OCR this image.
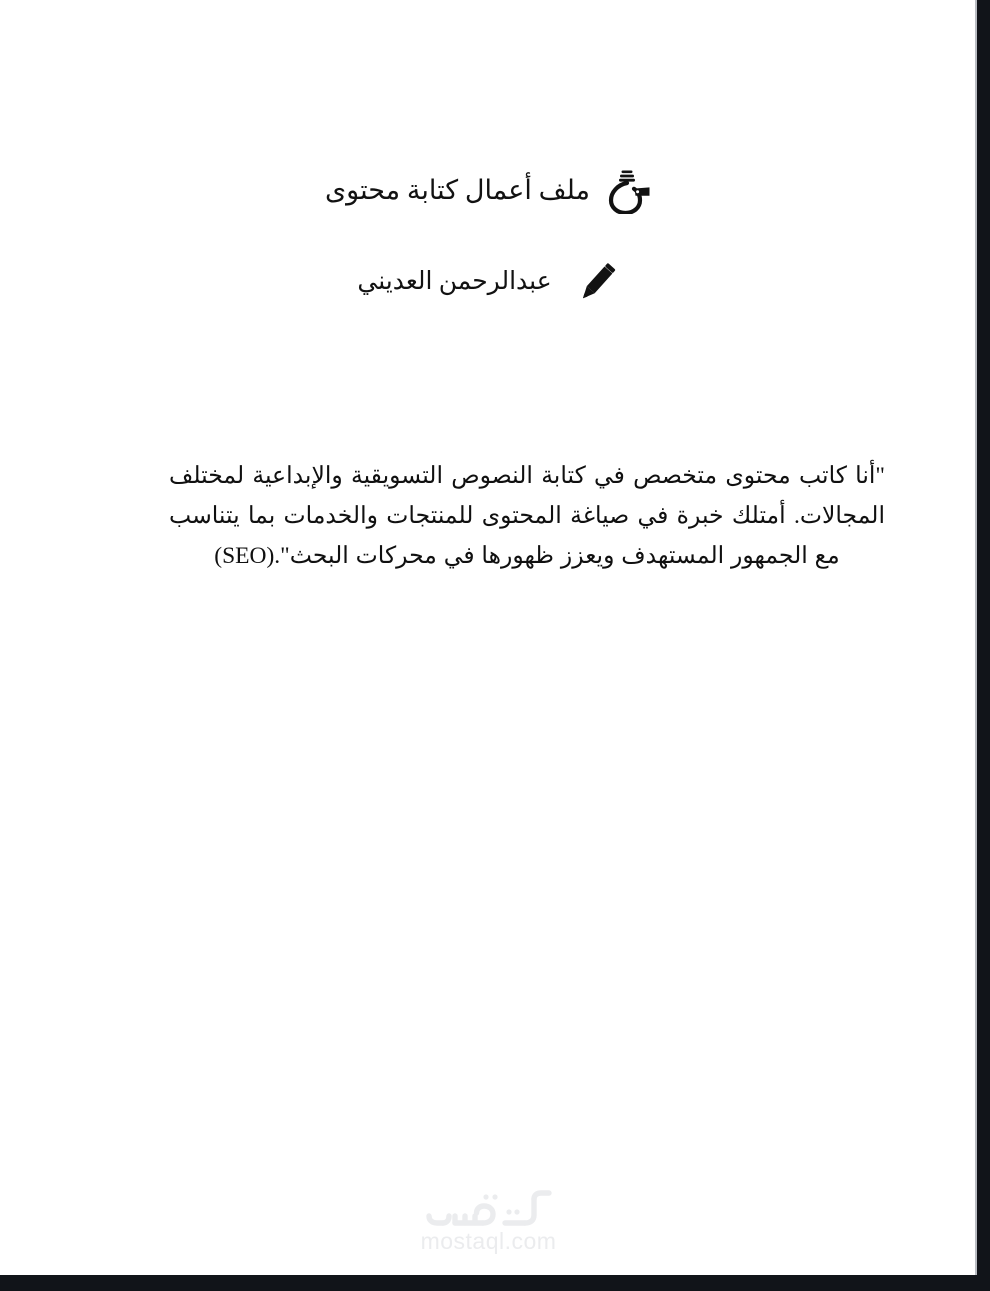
ملف أعمال كتابة محتوى
عبدالرحمن العديني

"أنا كاتب محتوى متخصص في كتابة النصوص التسويقية والإبداعية لمختلف المجالات. أمتلك خبرة في صياغة المحتوى للمنتجات والخدمات بما يتناسب مع الجمهور المستهدف ويعزز ظهورها في محركات البحث".(SEO)

mostaql.com
